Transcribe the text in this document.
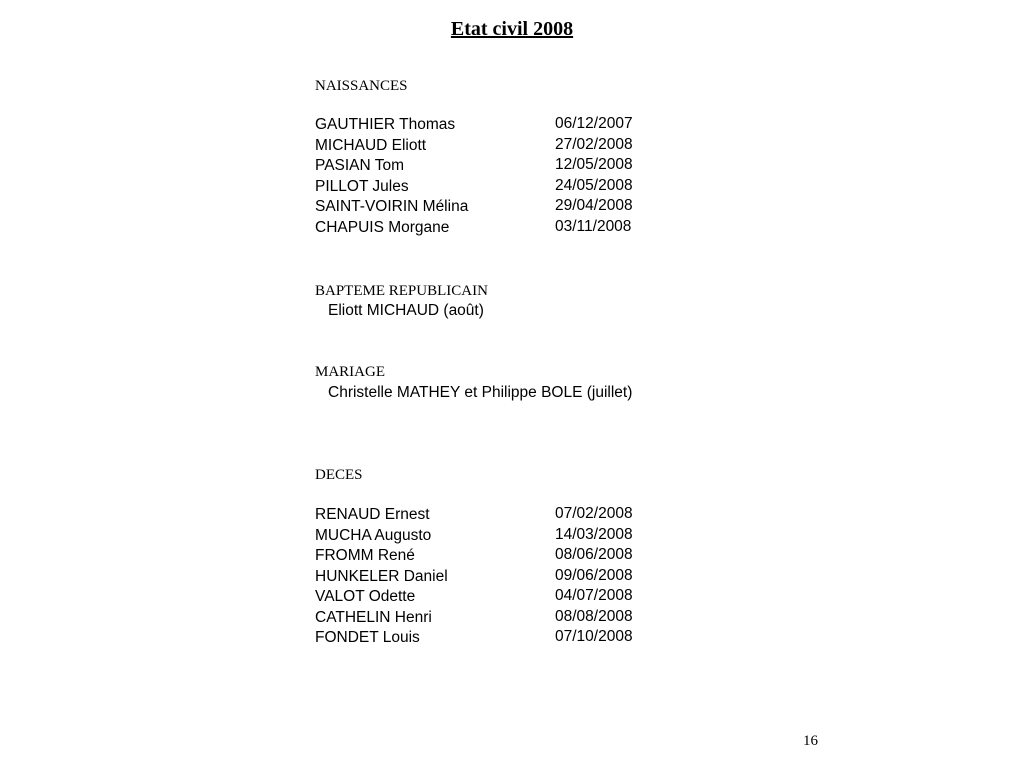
Etat civil 2008
NAISSANCES
GAUTHIER Thomas	06/12/2007
MICHAUD Eliott	27/02/2008
PASIAN Tom	12/05/2008
PILLOT Jules	24/05/2008
SAINT-VOIRIN Mélina	29/04/2008
CHAPUIS Morgane	03/11/2008
BAPTEME REPUBLICAIN
Eliott MICHAUD (août)
MARIAGE
Christelle MATHEY et Philippe BOLE (juillet)
DECES
RENAUD Ernest	07/02/2008
MUCHA Augusto	14/03/2008
FROMM René	08/06/2008
HUNKELER Daniel	09/06/2008
VALOT Odette	04/07/2008
CATHELIN Henri	08/08/2008
FONDET Louis	07/10/2008
16
